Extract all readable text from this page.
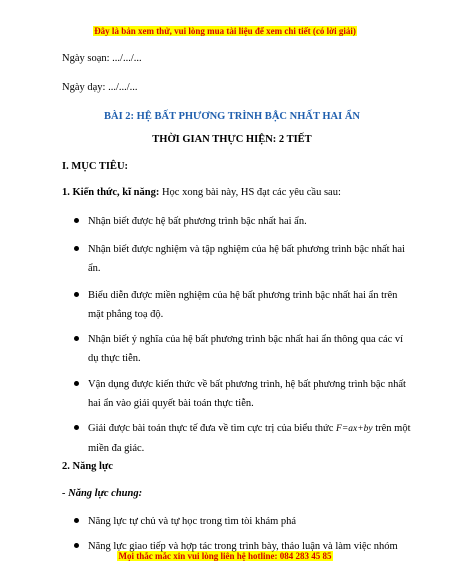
Đây là bản xem thử, vui lòng mua tài liệu để xem chi tiết (có lời giải)
Ngày soạn: .../.../...
Ngày dạy: .../.../...
BÀI 2: HỆ BẤT PHƯƠNG TRÌNH BẬC NHẤT HAI ẨN
THỜI GIAN THỰC HIỆN: 2 TIẾT
I. MỤC TIÊU:
1. Kiến thức, kĩ năng: Học xong bài này, HS đạt các yêu cầu sau:
Nhận biết được hệ bất phương trình bậc nhất hai ẩn.
Nhận biết được nghiệm và tập nghiệm của hệ bất phương trình bậc nhất hai ẩn.
Biểu diễn được miền nghiệm của hệ bất phương trình bậc nhất hai ẩn trên mặt phẳng toạ độ.
Nhận biết ý nghĩa của hệ bất phương trình bậc nhất hai ẩn thông qua các ví dụ thực tiễn.
Vận dụng được kiến thức về bất phương trình, hệ bất phương trình bậc nhất hai ẩn vào giải quyết bài toán thực tiễn.
Giải được bài toán thực tế đưa về tìm cực trị của biểu thức F=ax+by trên một miền đa giác.
2. Năng lực
- Năng lực chung:
Năng lực tự chủ và tự học trong tìm tòi khám phá
Mọi thắc mắc xin vui lòng liên hệ hotline: 084 283 45 85
Năng lực giao tiếp và hợp tác trong trình bày, thảo luận và làm việc nhóm
